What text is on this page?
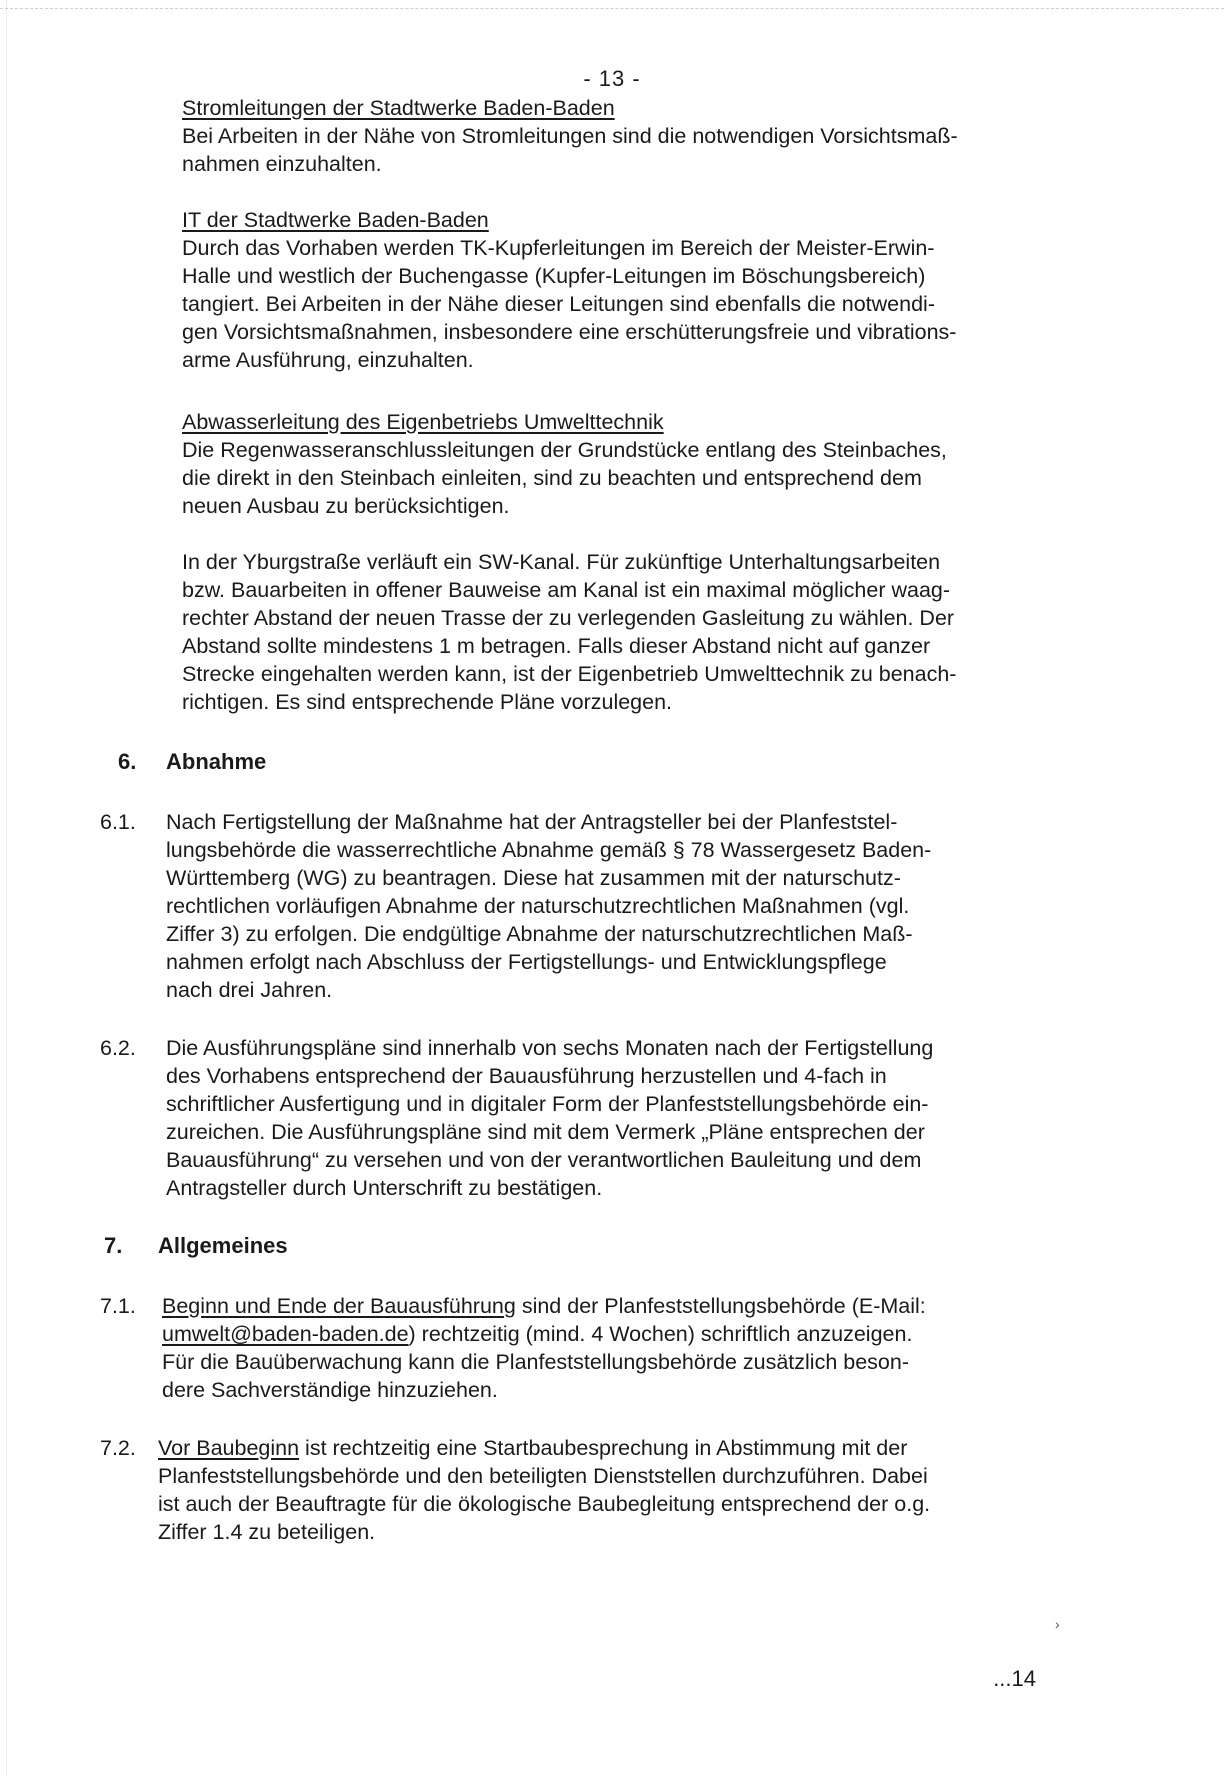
- 13 -

Stromleitungen der Stadtwerke Baden-Baden

Bei Arbeiten in der Nähe von Stromleitungen sind die notwendigen Vorsichtsmaß-

nahmen einzuhalten.

IT der Stadtwerke Baden-Baden

Durch das Vorhaben werden TK-Kupferleitungen im Bereich der Meister-Erwin-

Halle und westlich der Buchengasse (Kupfer-Leitungen im Böschungsbereich)

tangiert. Bei Arbeiten in der Nähe dieser Leitungen sind ebenfalls die notwendi-

gen Vorsichtsmaßnahmen, insbesondere eine erschütterungsfreie und vibrations-

arme Ausführung, einzuhalten.

Abwasserleitung des Eigenbetriebs Umwelttechnik

Die Regenwasseranschlussleitungen der Grundstücke entlang des Steinbaches,

die direkt in den Steinbach einleiten, sind zu beachten und entsprechend dem

neuen Ausbau zu berücksichtigen.

In der Yburgstraße verläuft ein SW-Kanal. Für zukünftige Unterhaltungsarbeiten

bzw. Bauarbeiten in offener Bauweise am Kanal ist ein maximal möglicher waag-

rechter Abstand der neuen Trasse der zu verlegenden Gasleitung zu wählen. Der

Abstand sollte mindestens 1 m betragen. Falls dieser Abstand nicht auf ganzer

Strecke eingehalten werden kann, ist der Eigenbetrieb Umwelttechnik zu benach-

richtigen. Es sind entsprechende Pläne vorzulegen.

6.	Abnahme
6.1.	Nach Fertigstellung der Maßnahme hat der Antragsteller bei der Planfeststel-

lungsbehörde die wasserrechtliche Abnahme gemäß § 78 Wassergesetz Baden-

Württemberg (WG) zu beantragen. Diese hat zusammen mit der naturschutz-

rechtlichen vorläufigen Abnahme der naturschutzrechtlichen Maßnahmen (vgl.

Ziffer 3) zu erfolgen. Die endgültige Abnahme der naturschutzrechtlichen Maß-

nahmen erfolgt nach Abschluss der Fertigstellungs- und Entwicklungspflege

nach drei Jahren.

6.2.	Die Ausführungspläne sind innerhalb von sechs Monaten nach der Fertigstellung

des Vorhabens entsprechend der Bauausführung herzustellen und 4-fach in

schriftlicher Ausfertigung und in digitaler Form der Planfeststellungsbehörde ein-

zureichen. Die Ausführungspläne sind mit dem Vermerk „Pläne entsprechen der

Bauausführung“ zu versehen und von der verantwortlichen Bauleitung und dem

Antragsteller durch Unterschrift zu bestätigen.

7.	Allgemeines
7.1.	Beginn und Ende der Bauausführung sind der Planfeststellungsbehörde (E-Mail:

umwelt@baden-baden.de) rechtzeitig (mind. 4 Wochen) schriftlich anzuzeigen.

Für die Bauüberwachung kann die Planfeststellungsbehörde zusätzlich beson-

dere Sachverständige hinzuziehen.

7.2.	Vor Baubeginn ist rechtzeitig eine Startbaubesprechung in Abstimmung mit der

Planfeststellungsbehörde und den beteiligten Dienststellen durchzuführen. Dabei

ist auch der Beauftragte für die ökologische Baubegleitung entsprechend der o.g.

Ziffer 1.4 zu beteiligen.

›
...14
